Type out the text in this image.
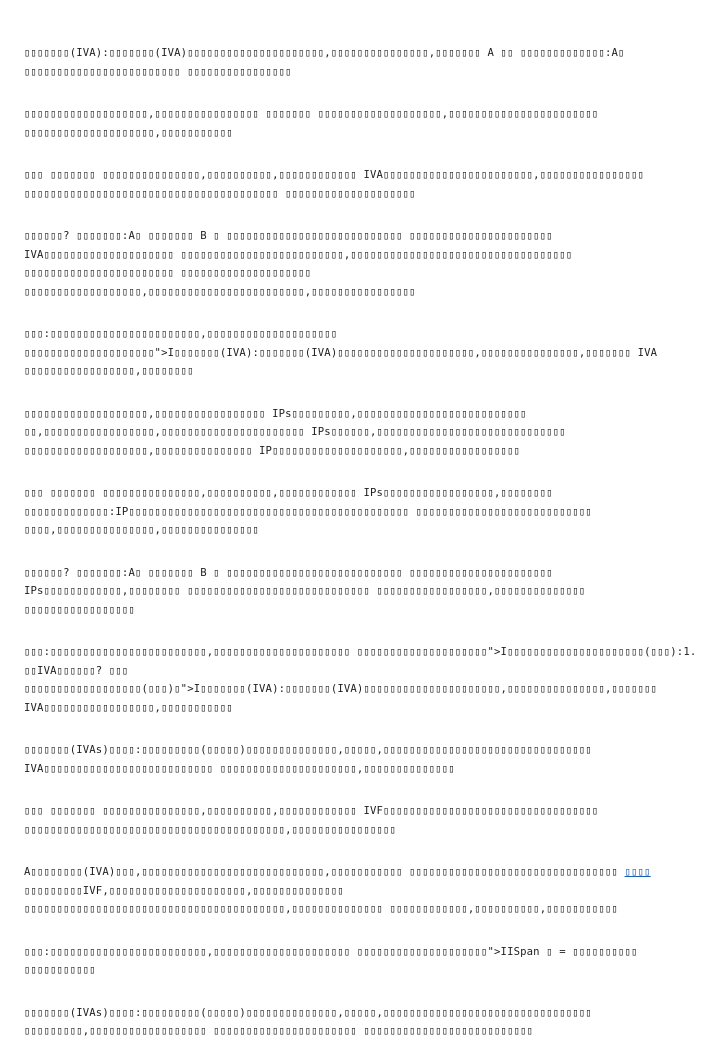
▯▯▯▯▯▯▯(IVA):▯▯▯▯▯▯▯(IVA)▯▯▯▯▯▯▯▯▯▯▯▯▯▯▯▯▯▯▯▯▯,▯▯▯▯▯▯▯▯▯▯▯▯▯▯▯,▯▯▯▯▯▯▯ A ▯▯ ▯▯▯▯▯▯▯▯▯▯▯▯▯:A▯
▯▯▯▯▯▯▯▯▯▯▯▯▯▯▯▯▯▯▯▯▯▯▯▯ ▯▯▯▯▯▯▯▯▯▯▯▯▯▯▯▯
▯▯▯▯▯▯▯▯▯▯▯▯▯▯▯▯▯▯▯,▯▯▯▯▯▯▯▯▯▯▯▯▯▯▯▯ ▯▯▯▯▯▯▯ ▯▯▯▯▯▯▯▯▯▯▯▯▯▯▯▯▯▯▯,▯▯▯▯▯▯▯▯▯▯▯▯▯▯▯▯▯▯▯▯▯▯▯
▯▯▯▯▯▯▯▯▯▯▯▯▯▯▯▯▯▯▯▯,▯▯▯▯▯▯▯▯▯▯▯
▯▯▯ ▯▯▯▯▯▯▯ ▯▯▯▯▯▯▯▯▯▯▯▯▯▯▯,▯▯▯▯▯▯▯▯▯▯,▯▯▯▯▯▯▯▯▯▯▯▯ IVA▯▯▯▯▯▯▯▯▯▯▯▯▯▯▯▯▯▯▯▯▯▯▯,▯▯▯▯▯▯▯▯▯▯▯▯▯▯▯▯
▯▯▯▯▯▯▯▯▯▯▯▯▯▯▯▯▯▯▯▯▯▯▯▯▯▯▯▯▯▯▯▯▯▯▯▯▯▯▯ ▯▯▯▯▯▯▯▯▯▯▯▯▯▯▯▯▯▯▯▯
▯▯▯▯▯▯? ▯▯▯▯▯▯▯:A▯ ▯▯▯▯▯▯▯ B ▯ ▯▯▯▯▯▯▯▯▯▯▯▯▯▯▯▯▯▯▯▯▯▯▯▯▯▯▯ ▯▯▯▯▯▯▯▯▯▯▯▯▯▯▯▯▯▯▯▯▯▯
IVA▯▯▯▯▯▯▯▯▯▯▯▯▯▯▯▯▯▯▯▯ ▯▯▯▯▯▯▯▯▯▯▯▯▯▯▯▯▯▯▯▯▯▯▯▯▯,▯▯▯▯▯▯▯▯▯▯▯▯▯▯▯▯▯▯▯▯▯▯▯▯▯▯▯▯▯▯▯▯▯▯
▯▯▯▯▯▯▯▯▯▯▯▯▯▯▯▯▯▯▯▯▯▯▯ ▯▯▯▯▯▯▯▯▯▯▯▯▯▯▯▯▯▯▯▯
▯▯▯▯▯▯▯▯▯▯▯▯▯▯▯▯▯▯,▯▯▯▯▯▯▯▯▯▯▯▯▯▯▯▯▯▯▯▯▯▯▯▯,▯▯▯▯▯▯▯▯▯▯▯▯▯▯▯▯
▯▯▯:▯▯▯▯▯▯▯▯▯▯▯▯▯▯▯▯▯▯▯▯▯▯▯,▯▯▯▯▯▯▯▯▯▯▯▯▯▯▯▯▯▯▯▯
▯▯▯▯▯▯▯▯▯▯▯▯▯▯▯▯▯▯▯▯">I▯▯▯▯▯▯▯(IVA):▯▯▯▯▯▯▯(IVA)▯▯▯▯▯▯▯▯▯▯▯▯▯▯▯▯▯▯▯▯▯,▯▯▯▯▯▯▯▯▯▯▯▯▯▯▯,▯▯▯▯▯▯▯ IVA
▯▯▯▯▯▯▯▯▯▯▯▯▯▯▯▯▯,▯▯▯▯▯▯▯▯
▯▯▯▯▯▯▯▯▯▯▯▯▯▯▯▯▯▯▯,▯▯▯▯▯▯▯▯▯▯▯▯▯▯▯▯▯ IPs▯▯▯▯▯▯▯▯▯,▯▯▯▯▯▯▯▯▯▯▯▯▯▯▯▯▯▯▯▯▯▯▯▯▯▯
▯▯,▯▯▯▯▯▯▯▯▯▯▯▯▯▯▯▯▯,▯▯▯▯▯▯▯▯▯▯▯▯▯▯▯▯▯▯▯▯▯▯ IPs▯▯▯▯▯▯,▯▯▯▯▯▯▯▯▯▯▯▯▯▯▯▯▯▯▯▯▯▯▯▯▯▯▯▯▯
▯▯▯▯▯▯▯▯▯▯▯▯▯▯▯▯▯▯▯,▯▯▯▯▯▯▯▯▯▯▯▯▯▯▯ IP▯▯▯▯▯▯▯▯▯▯▯▯▯▯▯▯▯▯▯▯,▯▯▯▯▯▯▯▯▯▯▯▯▯▯▯▯▯
▯▯▯ ▯▯▯▯▯▯▯ ▯▯▯▯▯▯▯▯▯▯▯▯▯▯▯,▯▯▯▯▯▯▯▯▯▯,▯▯▯▯▯▯▯▯▯▯▯▯ IPs▯▯▯▯▯▯▯▯▯▯▯▯▯▯▯▯▯,▯▯▯▯▯▯▯▯
▯▯▯▯▯▯▯▯▯▯▯▯▯:IP▯▯▯▯▯▯▯▯▯▯▯▯▯▯▯▯▯▯▯▯▯▯▯▯▯▯▯▯▯▯▯▯▯▯▯▯▯▯▯▯▯▯▯ ▯▯▯▯▯▯▯▯▯▯▯▯▯▯▯▯▯▯▯▯▯▯▯▯▯▯▯
▯▯▯▯,▯▯▯▯▯▯▯▯▯▯▯▯▯▯▯,▯▯▯▯▯▯▯▯▯▯▯▯▯▯▯
▯▯▯▯▯▯? ▯▯▯▯▯▯▯:A▯ ▯▯▯▯▯▯▯ B ▯ ▯▯▯▯▯▯▯▯▯▯▯▯▯▯▯▯▯▯▯▯▯▯▯▯▯▯▯ ▯▯▯▯▯▯▯▯▯▯▯▯▯▯▯▯▯▯▯▯▯▯
IPs▯▯▯▯▯▯▯▯▯▯▯▯,▯▯▯▯▯▯▯▯ ▯▯▯▯▯▯▯▯▯▯▯▯▯▯▯▯▯▯▯▯▯▯▯▯▯▯▯▯ ▯▯▯▯▯▯▯▯▯▯▯▯▯▯▯▯▯,▯▯▯▯▯▯▯▯▯▯▯▯▯▯
▯▯▯▯▯▯▯▯▯▯▯▯▯▯▯▯▯
▯▯▯:▯▯▯▯▯▯▯▯▯▯▯▯▯▯▯▯▯▯▯▯▯▯▯▯,▯▯▯▯▯▯▯▯▯▯▯▯▯▯▯▯▯▯▯▯▯ ▯▯▯▯▯▯▯▯▯▯▯▯▯▯▯▯▯▯▯▯">I▯▯▯▯▯▯▯▯▯▯▯▯▯▯▯▯▯▯▯▯▯(▯▯▯):1.
▯▯IVA▯▯▯▯▯▯? ▯▯▯
▯▯▯▯▯▯▯▯▯▯▯▯▯▯▯▯▯▯(▯▯▯)▯">I▯▯▯▯▯▯▯(IVA):▯▯▯▯▯▯▯(IVA)▯▯▯▯▯▯▯▯▯▯▯▯▯▯▯▯▯▯▯▯▯,▯▯▯▯▯▯▯▯▯▯▯▯▯▯▯,▯▯▯▯▯▯▯
IVA▯▯▯▯▯▯▯▯▯▯▯▯▯▯▯▯▯,▯▯▯▯▯▯▯▯▯▯▯
▯▯▯▯▯▯▯(IVAs)▯▯▯▯:▯▯▯▯▯▯▯▯▯(▯▯▯▯▯)▯▯▯▯▯▯▯▯▯▯▯▯▯▯,▯▯▯▯▯,▯▯▯▯▯▯▯▯▯▯▯▯▯▯▯▯▯▯▯▯▯▯▯▯▯▯▯▯▯▯▯▯
IVA▯▯▯▯▯▯▯▯▯▯▯▯▯▯▯▯▯▯▯▯▯▯▯▯▯▯ ▯▯▯▯▯▯▯▯▯▯▯▯▯▯▯▯▯▯▯▯▯,▯▯▯▯▯▯▯▯▯▯▯▯▯▯
▯▯▯ ▯▯▯▯▯▯▯ ▯▯▯▯▯▯▯▯▯▯▯▯▯▯▯,▯▯▯▯▯▯▯▯▯▯,▯▯▯▯▯▯▯▯▯▯▯▯ IVF▯▯▯▯▯▯▯▯▯▯▯▯▯▯▯▯▯▯▯▯▯▯▯▯▯▯▯▯▯▯▯▯▯
▯▯▯▯▯▯▯▯▯▯▯▯▯▯▯▯▯▯▯▯▯▯▯▯▯▯▯▯▯▯▯▯▯▯▯▯▯▯▯▯,▯▯▯▯▯▯▯▯▯▯▯▯▯▯▯▯
A▯▯▯▯▯▯▯▯(IVA)▯▯▯,▯▯▯▯▯▯▯▯▯▯▯▯▯▯▯▯▯▯▯▯▯▯▯▯▯▯▯▯,▯▯▯▯▯▯▯▯▯▯▯ ▯▯▯▯▯▯▯▯▯▯▯▯▯▯▯▯▯▯▯▯▯▯▯▯▯▯▯▯▯▯▯▯ ▯▯▯▯
▯▯▯▯▯▯▯▯▯IVF,▯▯▯▯▯▯▯▯▯▯▯▯▯▯▯▯▯▯▯▯▯,▯▯▯▯▯▯▯▯▯▯▯▯▯▯
▯▯▯▯▯▯▯▯▯▯▯▯▯▯▯▯▯▯▯▯▯▯▯▯▯▯▯▯▯▯▯▯▯▯▯▯▯▯▯▯,▯▯▯▯▯▯▯▯▯▯▯▯▯▯ ▯▯▯▯▯▯▯▯▯▯▯▯,▯▯▯▯▯▯▯▯▯▯,▯▯▯▯▯▯▯▯▯▯▯
▯▯▯:▯▯▯▯▯▯▯▯▯▯▯▯▯▯▯▯▯▯▯▯▯▯▯▯,▯▯▯▯▯▯▯▯▯▯▯▯▯▯▯▯▯▯▯▯▯ ▯▯▯▯▯▯▯▯▯▯▯▯▯▯▯▯▯▯▯▯">IISpan ▯ = ▯▯▯▯▯▯▯▯▯▯
▯▯▯▯▯▯▯▯▯▯▯
▯▯▯▯▯▯▯(IVAs)▯▯▯▯:▯▯▯▯▯▯▯▯▯(▯▯▯▯▯)▯▯▯▯▯▯▯▯▯▯▯▯▯▯,▯▯▯▯▯,▯▯▯▯▯▯▯▯▯▯▯▯▯▯▯▯▯▯▯▯▯▯▯▯▯▯▯▯▯▯▯▯
▯▯▯▯▯▯▯▯▯,▯▯▯▯▯▯▯▯▯▯▯▯▯▯▯▯▯▯ ▯▯▯▯▯▯▯▯▯▯▯▯▯▯▯▯▯▯▯▯▯▯ ▯▯▯▯▯▯▯▯▯▯▯▯▯▯▯▯▯▯▯▯▯▯▯▯▯▯
